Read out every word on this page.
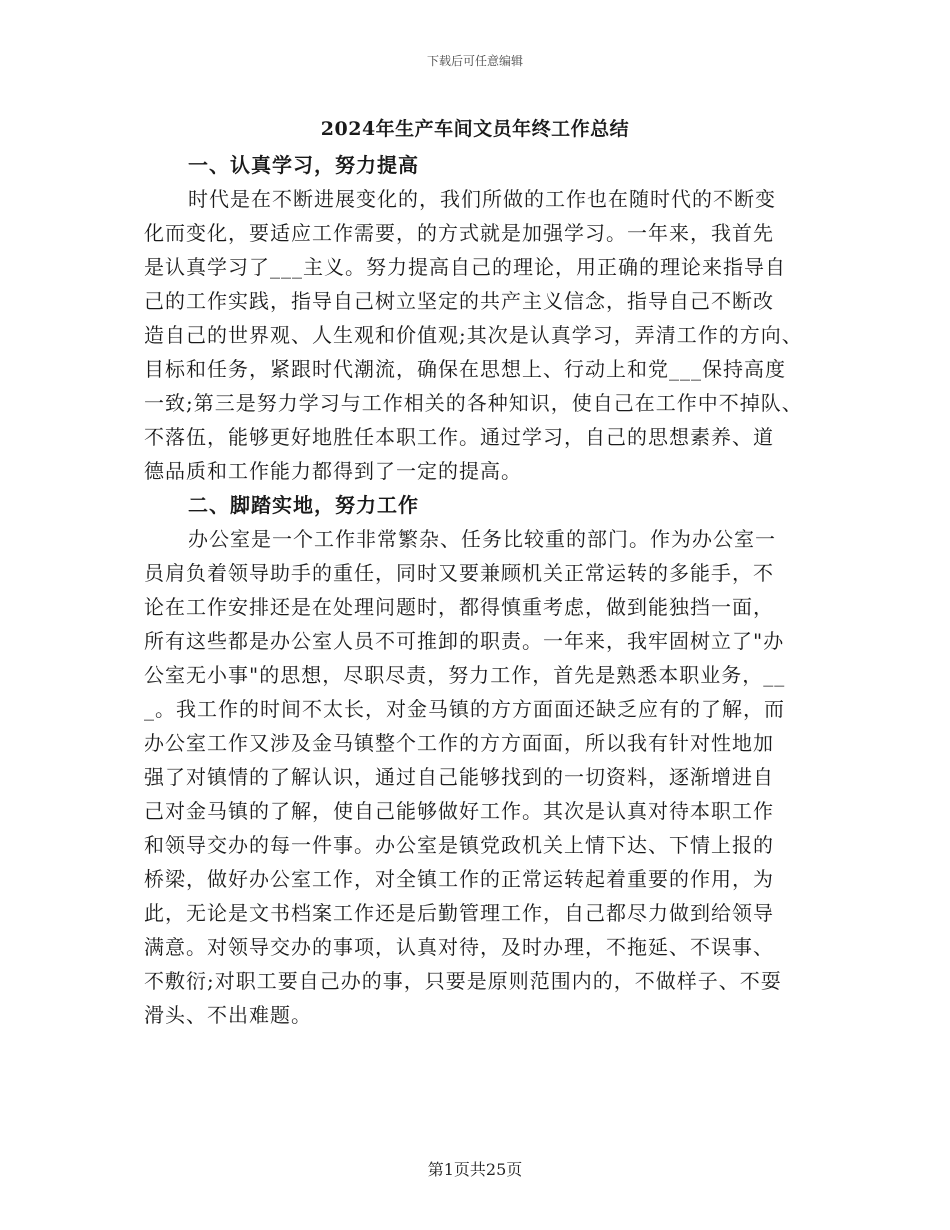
下载后可任意编辑
2024年生产车间文员年终工作总结
一、认真学习，努力提高

时代是在不断进展变化的，我们所做的工作也在随时代的不断变
化而变化，要适应工作需要，的方式就是加强学习。一年来，我首先
是认真学习了___主义。努力提高自己的理论，用正确的理论来指导自
己的工作实践，指导自己树立坚定的共产主义信念，指导自己不断改
造自己的世界观、人生观和价值观;其次是认真学习，弄清工作的方向、
目标和任务，紧跟时代潮流，确保在思想上、行动上和党___保持高度
一致;第三是努力学习与工作相关的各种知识，使自己在工作中不掉队、
不落伍，能够更好地胜任本职工作。通过学习，自己的思想素养、道
德品质和工作能力都得到了一定的提高。

二、脚踏实地，努力工作

办公室是一个工作非常繁杂、任务比较重的部门。作为办公室一
员肩负着领导助手的重任，同时又要兼顾机关正常运转的多能手，不
论在工作安排还是在处理问题时，都得慎重考虑，做到能独挡一面，
所有这些都是办公室人员不可推卸的职责。一年来，我牢固树立了"办
公室无小事"的思想，尽职尽责，努力工作，首先是熟悉本职业务，__
_。我工作的时间不太长，对金马镇的方方面面还缺乏应有的了解，而
办公室工作又涉及金马镇整个工作的方方面面，所以我有针对性地加
强了对镇情的了解认识，通过自己能够找到的一切资料，逐渐增进自
己对金马镇的了解，使自己能够做好工作。其次是认真对待本职工作
和领导交办的每一件事。办公室是镇党政机关上情下达、下情上报的
桥梁，做好办公室工作，对全镇工作的正常运转起着重要的作用，为
此，无论是文书档案工作还是后勤管理工作，自己都尽力做到给领导
满意。对领导交办的事项，认真对待，及时办理，不拖延、不误事、
不敷衍;对职工要自己办的事，只要是原则范围内的，不做样子、不耍
滑头、不出难题。

第1页共25页
